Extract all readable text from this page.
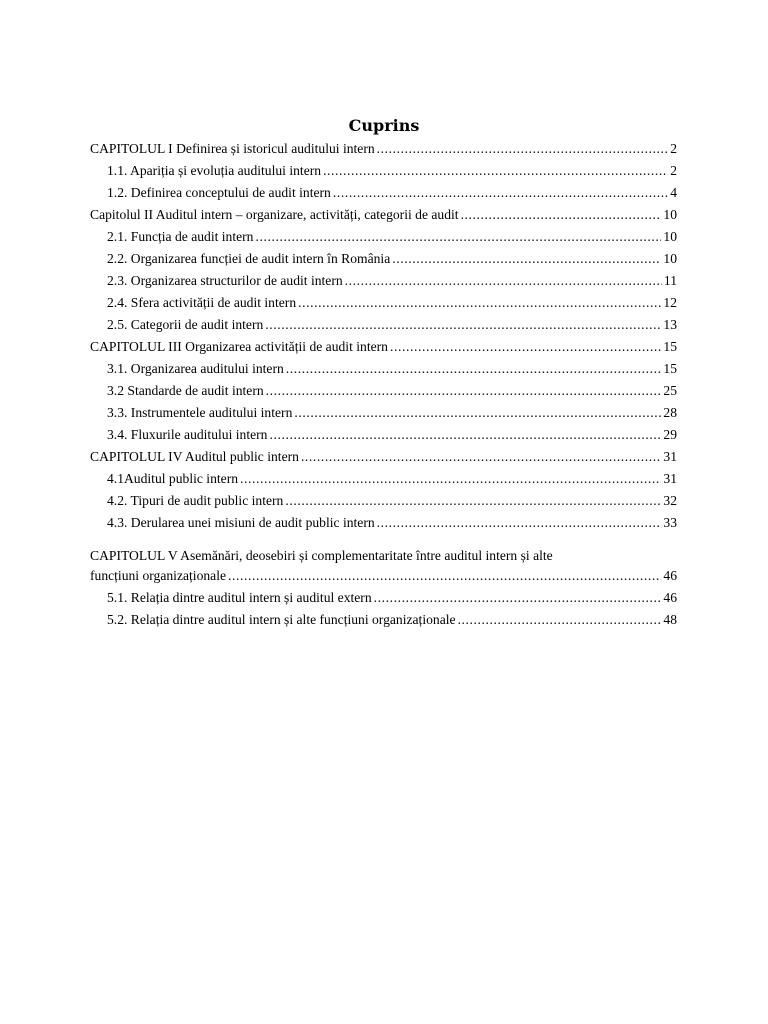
Cuprins
CAPITOLUL I Definirea și istoricul auditului intern .....	2
1.1. Apariția și evoluția auditului intern .....	2
1.2. Definirea conceptului de audit intern .....	4
Capitolul II Auditul intern – organizare, activități, categorii de audit .....	10
2.1. Funcția de audit intern .....	10
2.2. Organizarea funcției de audit intern în România .....	10
2.3. Organizarea structurilor de audit intern .....	11
2.4. Sfera activității de audit intern .....	12
2.5. Categorii de audit intern .....	13
CAPITOLUL III Organizarea activității de audit intern .....	15
3.1. Organizarea auditului intern .....	15
3.2 Standarde de audit intern .....	25
3.3. Instrumentele auditului intern .....	28
3.4. Fluxurile auditului intern .....	29
CAPITOLUL IV Auditul public intern .....	31
4.1Auditul public intern .....	31
4.2. Tipuri de audit public intern .....	32
4.3. Derularea unei misiuni de audit public intern .....	33
CAPITOLUL V Asemănări, deosebiri și complementaritate între auditul intern și alte
funcțiuni organizaționale .....	46
5.1. Relația dintre auditul intern și auditul extern .....	46
5.2. Relația dintre auditul intern și alte funcțiuni organizaționale .....	48
